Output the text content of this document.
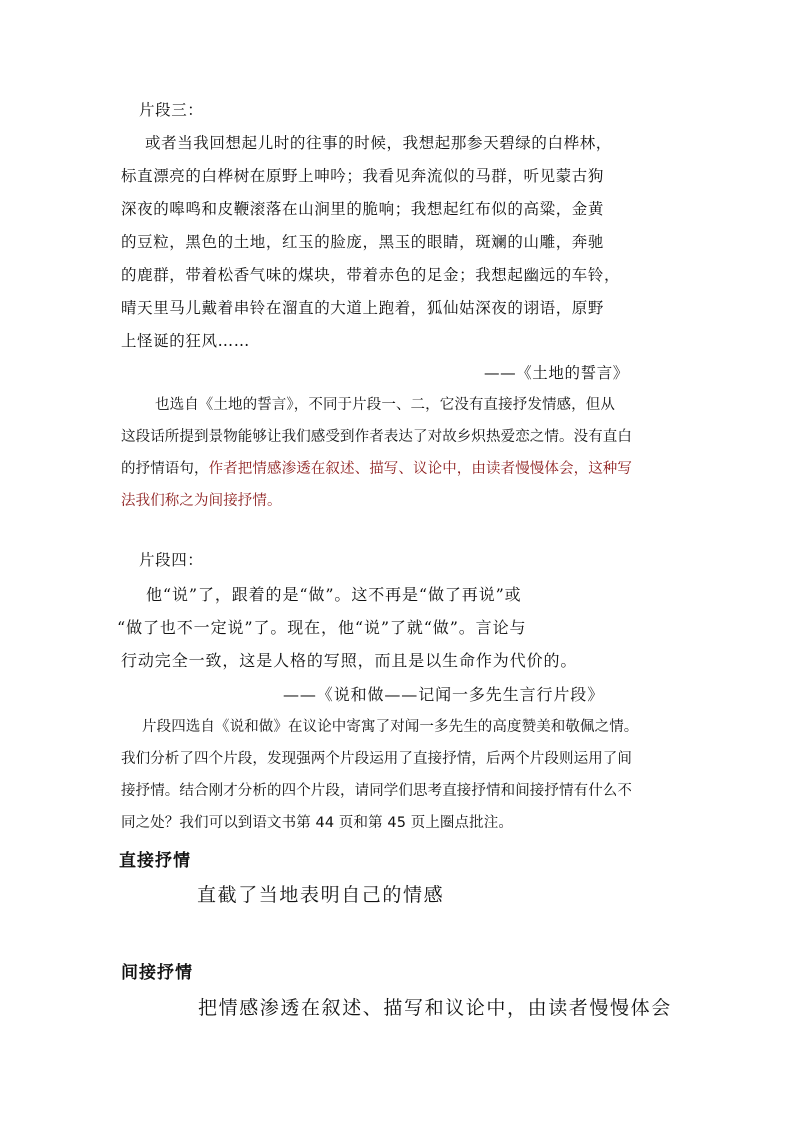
片段三：
或者当我回想起儿时的往事的时候，我想起那参天碧绿的白桦林，
标直漂亮的白桦树在原野上呻吟；我看见奔流似的马群，听见蒙古狗
深夜的嗥鸣和皮鞭滚落在山涧里的脆响；我想起红布似的高粱，金黄
的豆粒，黑色的土地，红玉的脸庞，黑玉的眼睛，斑斓的山雕，奔驰
的鹿群，带着松香气味的煤块，带着赤色的足金；我想起幽远的车铃，
晴天里马儿戴着串铃在溜直的大道上跑着，狐仙姑深夜的诩语，原野
上怪诞的狂风……
——《土地的誓言》
也选自《土地的誓言》，不同于片段一、二，它没有直接抒发情感，但从
这段话所提到景物能够让我们感受到作者表达了对故乡炽热爱恋之情。没有直白
的抒情语句，作者把情感渗透在叙述、描写、议论中，由读者慢慢体会，这种写
法我们称之为间接抒情。
片段四：
他“说”了，跟着的是“做”。这不再是“做了再说”或
“做了也不一定说”了。现在，他“说”了就“做”。言论与
行动完全一致，这是人格的写照，而且是以生命作为代价的。
——《说和做——记闻一多先生言行片段》
片段四选自《说和做》在议论中寄寓了对闻一多先生的高度赞美和敬佩之情。
我们分析了四个片段，发现强两个片段运用了直接抒情，后两个片段则运用了间
接抒情。结合刚才分析的四个片段，请同学们思考直接抒情和间接抒情有什么不
同之处？我们可以到语文书第 44 页和第 45 页上圈点批注。
直接抒情
直截了当地表明自己的情感
间接抒情
把情感渗透在叙述、描写和议论中，由读者慢慢体会
